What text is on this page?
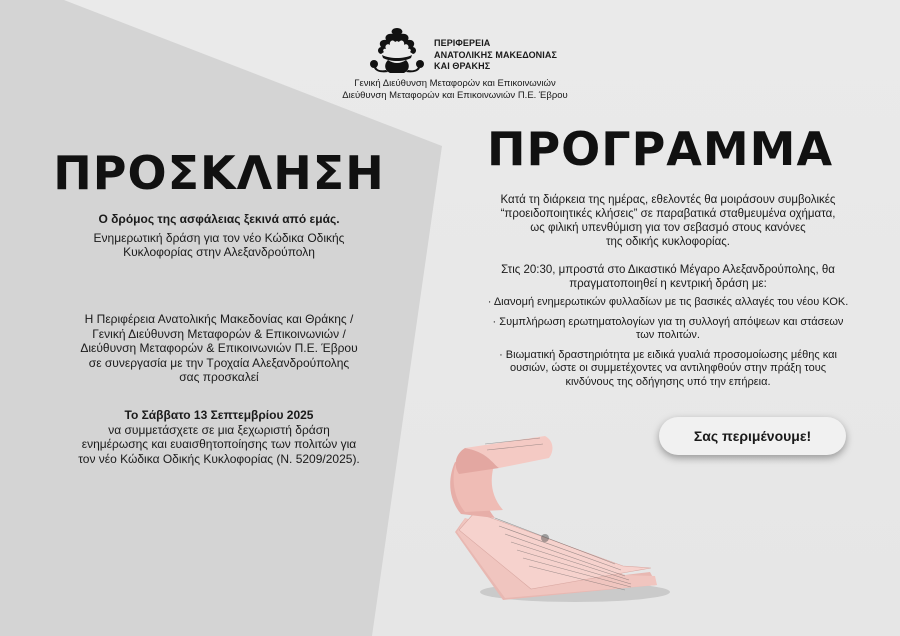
ΠΕΡΙΦΕΡΕΙΑ
ΑΝΑΤΟΛΙΚΗΣ ΜΑΚΕΔΟΝΙΑΣ
ΚΑΙ ΘΡΑΚΗΣ
Γενική Διεύθυνση Μεταφορών και Επικοινωνιών
Διεύθυνση Μεταφορών και Επικοινωνιών Π.Ε. Έβρου
ΠΡΟΣΚΛΗΣΗ
Ο δρόμος της ασφάλειας ξεκινά από εμάς.
Ενημερωτική δράση για τον νέο Κώδικα Οδικής
Κυκλοφορίας στην Αλεξανδρούπολη
Η Περιφέρεια Ανατολικής Μακεδονίας και Θράκης /
Γενική Διεύθυνση Μεταφορών & Επικοινωνιών /
Διεύθυνση Μεταφορών & Επικοινωνιών Π.Ε. Έβρου
σε συνεργασία με την Τροχαία Αλεξανδρούπολης
σας προσκαλεί
Το Σάββατο 13 Σεπτεμβρίου 2025
να συμμετάσχετε σε μια ξεχωριστή δράση
ενημέρωσης και ευαισθητοποίησης των πολιτών για
τον νέο Κώδικα Οδικής Κυκλοφορίας (Ν. 5209/2025).
ΠΡΟΓΡΑΜΜΑ
Κατά τη διάρκεια της ημέρας, εθελοντές θα μοιράσουν συμβολικές
“προειδοποιητικές κλήσεις” σε παραβατικά σταθμευμένα οχήματα,
ως φιλική υπενθύμιση για τον σεβασμό στους κανόνες
της οδικής κυκλοφορίας.
Στις 20:30, μπροστά στο Δικαστικό Μέγαρο Αλεξανδρούπολης, θα
πραγματοποιηθεί η κεντρική δράση με:
· Διανομή ενημερωτικών φυλλαδίων με τις βασικές αλλαγές του νέου ΚΟΚ.
· Συμπλήρωση ερωτηματολογίων για τη συλλογή απόψεων και στάσεων
των πολιτών.
· Βιωματική δραστηριότητα με ειδικά γυαλιά προσομοίωσης μέθης και
ουσιών, ώστε οι συμμετέχοντες να αντιληφθούν στην πράξη τους
κινδύνους της οδήγησης υπό την επήρεια.
Σας περιμένουμε!
